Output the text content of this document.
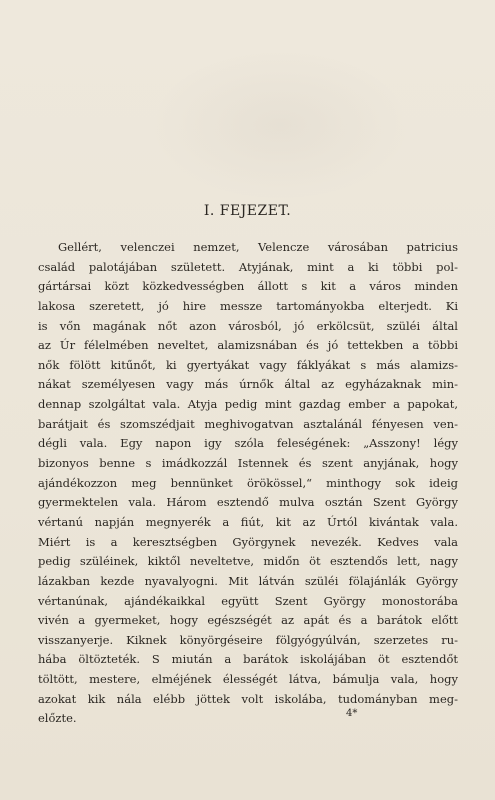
I. FEJEZET.
Gellért, velenczei nemzet, Velencze városában patricius
család palotájában született. Atyjának, mint a ki többi pol-
gártársai közt közkedvességben állott s kit a város minden
lakosa szeretett, jó hire messze tartományokba elterjedt. Ki
is vőn magának nőt azon városból, jó erkölcsüt, szüléi által
az Úr félelmében neveltet, alamizsnában és jó tettekben a többi
nők fölött kitűnőt, ki gyertyákat vagy fáklyákat s más alamizs-
nákat személyesen vagy más úrnők által az egyházaknak min-
dennap szolgáltat vala. Atyja pedig mint gazdag ember a papokat,
barátjait és szomszédjait meghivogatvan asztalánál fényesen ven-
dégli vala. Egy napon igy szóla feleségének: „Asszony! légy
bizonyos benne s imádkozzál Istennek és szent anyjának, hogy
ajándékozzon meg bennünket örökössel,“ minthogy sok ideig
gyermektelen vala. Három esztendő mulva osztán Szent György
vértanú napján megnyerék a fiút, kit az Úrtól kivántak vala.
Miért is a keresztségben Györgynek nevezék. Kedves vala
pedig szüléinek, kiktől neveltetve, midőn öt esztendős lett, nagy
lázakban kezde nyavalyogni. Mit látván szüléi fölajánlák György
vértanúnak, ajándékaikkal együtt Szent György monostorába
vivén a gyermeket, hogy egészségét az apát és a barátok előtt
visszanyerje. Kiknek könyörgéseire fölgyógyúlván, szerzetes ru-
hába öltözteték. S miután a barátok iskolájában öt esztendőt
töltött, mestere, elméjének élességét látva, bámulja vala, hogy
azokat kik nála elébb jöttek volt iskolába, tudományban meg-
előzte.	4*
